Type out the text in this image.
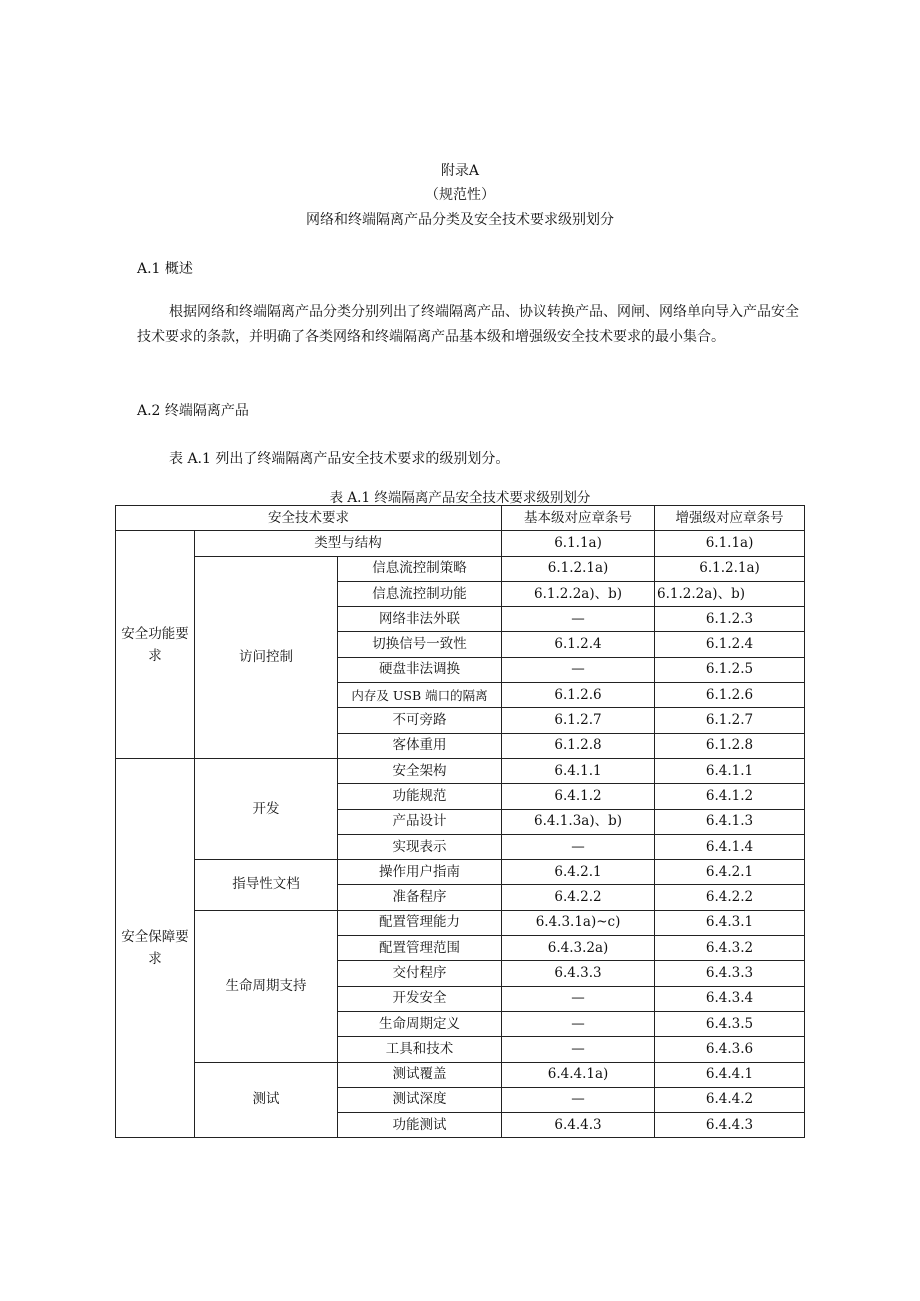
附录A
（规范性）
网络和终端隔离产品分类及安全技术要求级别划分
A.1 概述
根据网络和终端隔离产品分类分别列出了终端隔离产品、协议转换产品、网闸、网络单向导入产品安全技术要求的条款，并明确了各类网络和终端隔离产品基本级和增强级安全技术要求的最小集合。
A.2 终端隔离产品
表 A.1 列出了终端隔离产品安全技术要求的级别划分。
表 A.1 终端隔离产品安全技术要求级别划分
安全技术要求			基本级对应章条号	增强级对应章条号
安全功能要求	类型与结构		6.1.1a)	6.1.1a)
	访问控制	信息流控制策略	6.1.2.1a)	6.1.2.1a)
		信息流控制功能	6.1.2.2a)、b)	6.1.2.2a)、b)
		网络非法外联	—	6.1.2.3
		切换信号一致性	6.1.2.4	6.1.2.4
		硬盘非法调换	—	6.1.2.5
		内存及 USB 端口的隔离	6.1.2.6	6.1.2.6
		不可旁路	6.1.2.7	6.1.2.7
		客体重用	6.1.2.8	6.1.2.8
安全保障要求	开发	安全架构	6.4.1.1	6.4.1.1
		功能规范	6.4.1.2	6.4.1.2
		产品设计	6.4.1.3a)、b)	6.4.1.3
		实现表示	—	6.4.1.4
	指导性文档	操作用户指南	6.4.2.1	6.4.2.1
		准备程序	6.4.2.2	6.4.2.2
	生命周期支持	配置管理能力	6.4.3.1a)~c)	6.4.3.1
		配置管理范围	6.4.3.2a)	6.4.3.2
		交付程序	6.4.3.3	6.4.3.3
		开发安全	—	6.4.3.4
		生命周期定义	—	6.4.3.5
		工具和技术	—	6.4.3.6
	测试	测试覆盖	6.4.4.1a)	6.4.4.1
		测试深度	—	6.4.4.2
		功能测试	6.4.4.3	6.4.4.3
